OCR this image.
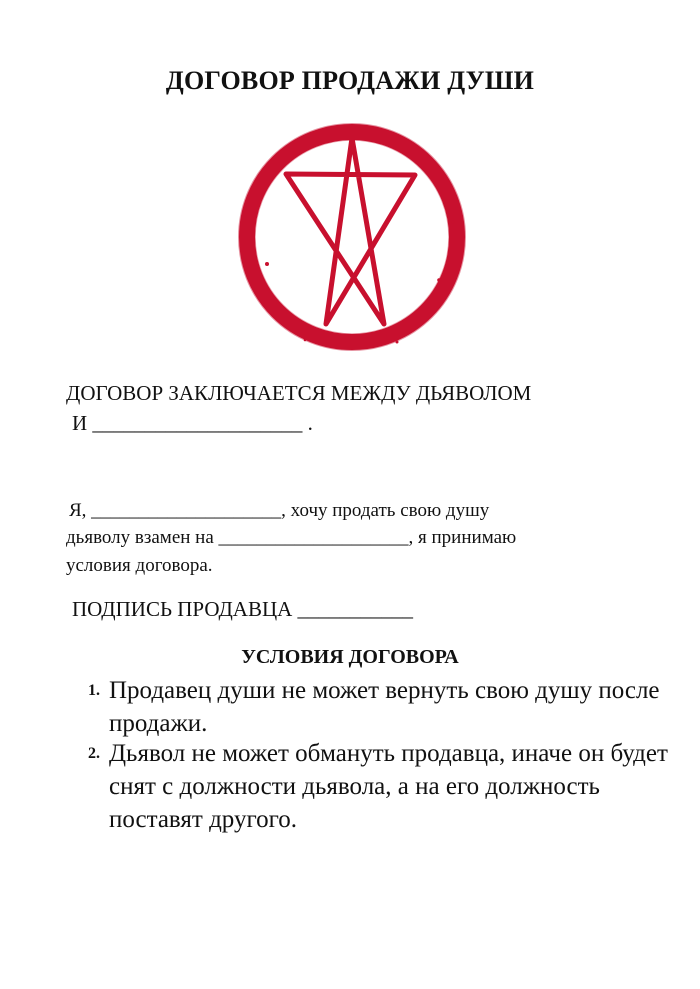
ДОГОВОР ПРОДАЖИ ДУШИ
ДОГОВОР ЗАКЛЮЧАЕТСЯ МЕЖДУ ДЬЯВОЛОМ
И ____________________ .
Я, ____________________, хочу продать свою душу
дьяволу взамен на ____________________, я принимаю
условия договора.
ПОДПИСЬ ПРОДАВЦА ___________
УСЛОВИЯ ДОГОВОРА
1. Продавец души не может вернуть свою душу после продажи.
2. Дьявол не может обмануть продавца, иначе он будет снят с должности дьявола, а на его должность поставят другого.
